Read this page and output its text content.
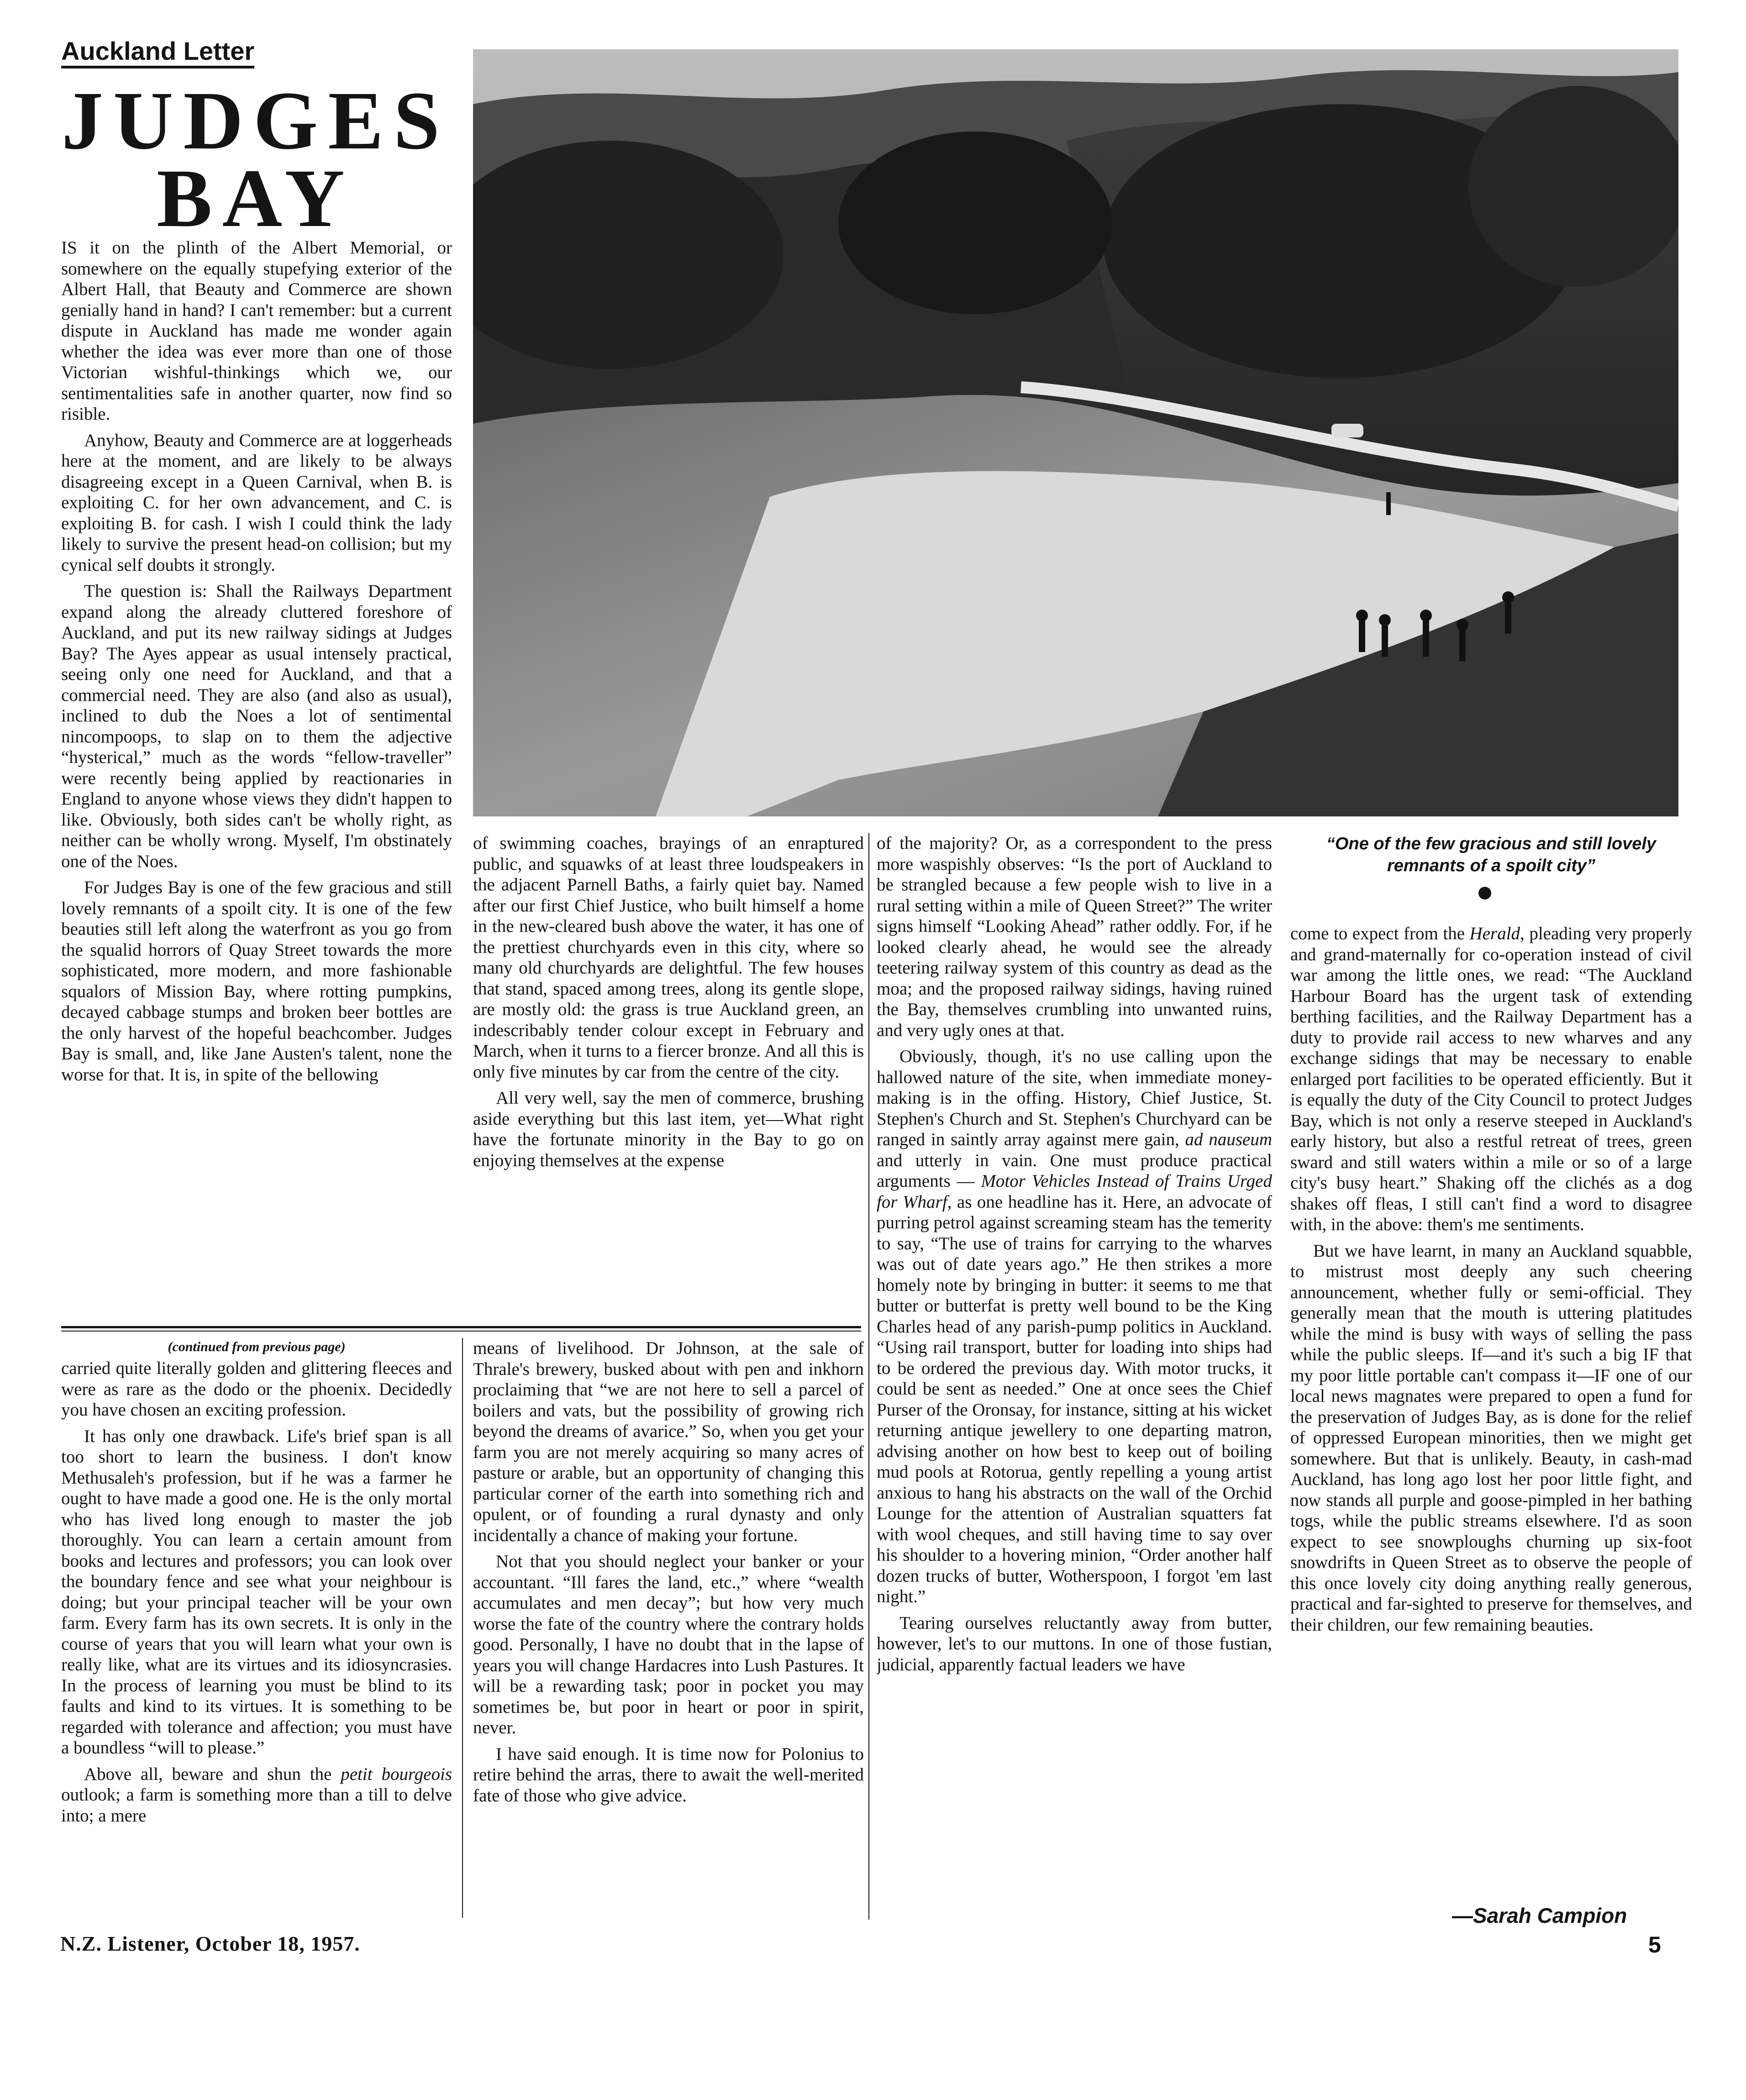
Auckland Letter
JUDGES
BAY
“One of the few gracious and still lovely remnants of a spoilt city”

IS it on the plinth of the Albert Memorial, or somewhere on the equally stupefying exterior of the Albert Hall, that Beauty and Commerce are shown genially hand in hand? I can't remember: but a current dispute in Auckland has made me wonder again whether the idea was ever more than one of those Victorian wishful-thinkings which we, our sentimentalities safe in another quarter, now find so risible.

Anyhow, Beauty and Commerce are at loggerheads here at the moment, and are likely to be always disagreeing except in a Queen Carnival, when B. is exploiting C. for her own advancement, and C. is exploiting B. for cash. I wish I could think the lady likely to survive the present head-on collision; but my cynical self doubts it strongly.

The question is: Shall the Railways Department expand along the already cluttered foreshore of Auckland, and put its new railway sidings at Judges Bay? The Ayes appear as usual intensely practical, seeing only one need for Auckland, and that a commercial need. They are also (and also as usual), inclined to dub the Noes a lot of sentimental nincompoops, to slap on to them the adjective “hysterical,” much as the words “fellow-traveller” were recently being applied by reactionaries in England to anyone whose views they didn't happen to like. Obviously, both sides can't be wholly right, as neither can be wholly wrong. Myself, I'm obstinately one of the Noes.

For Judges Bay is one of the few gracious and still lovely remnants of a spoilt city. It is one of the few beauties still left along the waterfront as you go from the squalid horrors of Quay Street towards the more sophisticated, more modern, and more fashionable squalors of Mission Bay, where rotting pumpkins, decayed cabbage stumps and broken beer bottles are the only harvest of the hopeful beachcomber. Judges Bay is small, and, like Jane Austen's talent, none the worse for that. It is, in spite of the bellowing

of swimming coaches, brayings of an enraptured public, and squawks of at least three loudspeakers in the adjacent Parnell Baths, a fairly quiet bay. Named after our first Chief Justice, who built himself a home in the new-cleared bush above the water, it has one of the prettiest churchyards even in this city, where so many old churchyards are delightful. The few houses that stand, spaced among trees, along its gentle slope, are mostly old: the grass is true Auckland green, an indescribably tender colour except in February and March, when it turns to a fiercer bronze. And all this is only five minutes by car from the centre of the city.

All very well, say the men of commerce, brushing aside everything but this last item, yet—What right have the fortunate minority in the Bay to go on enjoying themselves at the expense

of the majority? Or, as a correspondent to the press more waspishly observes: “Is the port of Auckland to be strangled because a few people wish to live in a rural setting within a mile of Queen Street?” The writer signs himself “Looking Ahead” rather oddly. For, if he looked clearly ahead, he would see the already teetering railway system of this country as dead as the moa; and the proposed railway sidings, having ruined the Bay, themselves crumbling into unwanted ruins, and very ugly ones at that.

Obviously, though, it's no use calling upon the hallowed nature of the site, when immediate money-making is in the offing. History, Chief Justice, St. Stephen's Church and St. Stephen's Churchyard can be ranged in saintly array against mere gain, ad nauseum and utterly in vain. One must produce practical arguments — Motor Vehicles Instead of Trains Urged for Wharf, as one headline has it. Here, an advocate of purring petrol against screaming steam has the temerity to say, “The use of trains for carrying to the wharves was out of date years ago.” He then strikes a more homely note by bringing in butter: it seems to me that butter or butterfat is pretty well bound to be the King Charles head of any parish-pump politics in Auckland. “Using rail transport, butter for loading into ships had to be ordered the previous day. With motor trucks, it could be sent as needed.” One at once sees the Chief Purser of the Oronsay, for instance, sitting at his wicket returning antique jewellery to one departing matron, advising another on how best to keep out of boiling mud pools at Rotorua, gently repelling a young artist anxious to hang his abstracts on the wall of the Orchid Lounge for the attention of Australian squatters fat with wool cheques, and still having time to say over his shoulder to a hovering minion, “Order another half dozen trucks of butter, Wotherspoon, I forgot 'em last night.”

Tearing ourselves reluctantly away from butter, however, let's to our muttons. In one of those fustian, judicial, apparently factual leaders we have

come to expect from the Herald, pleading very properly and grand-maternally for co-operation instead of civil war among the little ones, we read: “The Auckland Harbour Board has the urgent task of extending berthing facilities, and the Railway Department has a duty to provide rail access to new wharves and any exchange sidings that may be necessary to enable enlarged port facilities to be operated efficiently. But it is equally the duty of the City Council to protect Judges Bay, which is not only a reserve steeped in Auckland's early history, but also a restful retreat of trees, green sward and still waters within a mile or so of a large city's busy heart.” Shaking off the clichés as a dog shakes off fleas, I still can't find a word to disagree with, in the above: them's me sentiments.

But we have learnt, in many an Auckland squabble, to mistrust most deeply any such cheering announcement, whether fully or semi-official. They generally mean that the mouth is uttering platitudes while the mind is busy with ways of selling the pass while the public sleeps. If—and it's such a big IF that my poor little portable can't compass it—IF one of our local news magnates were prepared to open a fund for the preservation of Judges Bay, as is done for the relief of oppressed European minorities, then we might get somewhere. But that is unlikely. Beauty, in cash-mad Auckland, has long ago lost her poor little fight, and now stands all purple and goose-pimpled in her bathing togs, while the public streams elsewhere. I'd as soon expect to see snowploughs churning up six-foot snowdrifts in Queen Street as to observe the people of this once lovely city doing anything really generous, practical and far-sighted to preserve for themselves, and their children, our few remaining beauties.

—Sarah Campion
(continued from previous page)

carried quite literally golden and glittering fleeces and were as rare as the dodo or the phoenix. Decidedly you have chosen an exciting profession.

It has only one drawback. Life's brief span is all too short to learn the business. I don't know Methusaleh's profession, but if he was a farmer he ought to have made a good one. He is the only mortal who has lived long enough to master the job thoroughly. You can learn a certain amount from books and lectures and professors; you can look over the boundary fence and see what your neighbour is doing; but your principal teacher will be your own farm. Every farm has its own secrets. It is only in the course of years that you will learn what your own is really like, what are its virtues and its idiosyncrasies. In the process of learning you must be blind to its faults and kind to its virtues. It is something to be regarded with tolerance and affection; you must have a boundless “will to please.”

Above all, beware and shun the petit bourgeois outlook; a farm is something more than a till to delve into; a mere

means of livelihood. Dr Johnson, at the sale of Thrale's brewery, busked about with pen and inkhorn proclaiming that “we are not here to sell a parcel of boilers and vats, but the possibility of growing rich beyond the dreams of avarice.” So, when you get your farm you are not merely acquiring so many acres of pasture or arable, but an opportunity of changing this particular corner of the earth into something rich and opulent, or of founding a rural dynasty and only incidentally a chance of making your fortune.

Not that you should neglect your banker or your accountant. “Ill fares the land, etc.,” where “wealth accumulates and men decay”; but how very much worse the fate of the country where the contrary holds good. Personally, I have no doubt that in the lapse of years you will change Hardacres into Lush Pastures. It will be a rewarding task; poor in pocket you may sometimes be, but poor in heart or poor in spirit, never.

I have said enough. It is time now for Polonius to retire behind the arras, there to await the well-merited fate of those who give advice.

N.Z. Listener, October 18, 1957.	5
